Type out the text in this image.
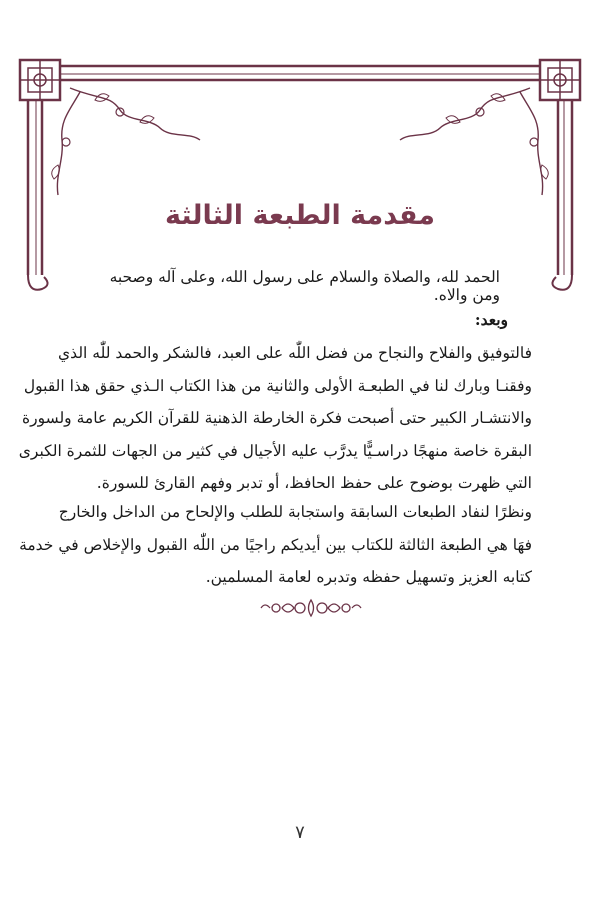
مقدمة الطبعة الثالثة

الحمد لله، والصلاة والسلام على رسول الله، وعلى آله وصحبه ومن والاه.

وبعد:

فالتوفيق والفلاح والنجاح من فضل اللّٰه على العبد، فالشكر والحمد للّٰه الذي
وفقنـا وبارك لنا في الطبعـة الأولى والثانية من هذا الكتاب الـذي حقق هذا القبول
والانتشـار الكبير حتى أصبحت فكرة الخارطة الذهنية للقرآن الكريم عامة ولسورة
البقرة خاصة منهجًا دراسـيًّا يدرَّب عليه الأجيال في كثير من الجهات للثمرة الكبرى
التي ظهرت بوضوح على حفظ الحافظ، أو تدبر وفهم القارئ للسورة.
ونظرًا لنفاد الطبعات السابقة واستجابة للطلب والإلحاح من الداخل والخارج
فهَا هي الطبعة الثالثة للكتاب بين أيديكم راجيًا من اللّٰه القبول والإخلاص في خدمة
كتابه العزيز وتسهيل حفظه وتدبره لعامة المسلمين.

٧
